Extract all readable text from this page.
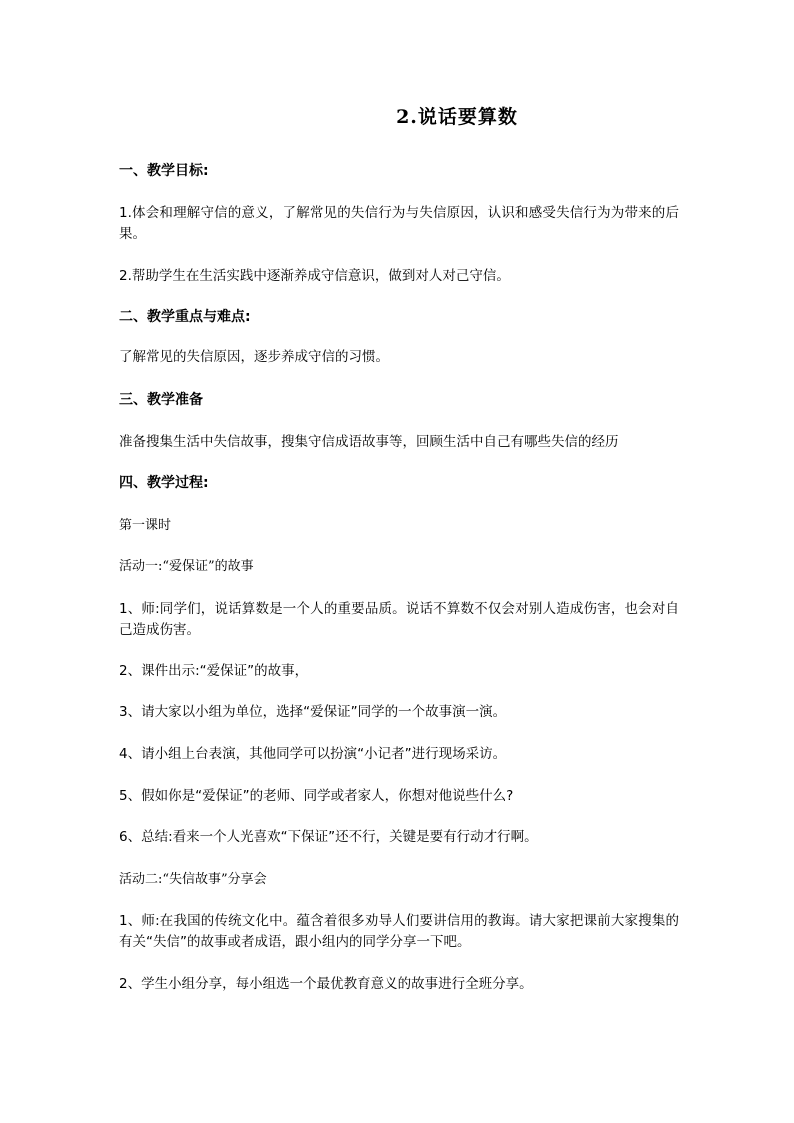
2.说话要算数
一、教学目标:
1.体会和理解守信的意义，了解常见的失信行为与失信原因，认识和感受失信行为为带来的后果。
2.帮助学生在生活实践中逐渐养成守信意识，做到对人对己守信。
二、教学重点与难点:
了解常见的失信原因，逐步养成守信的习惯。
三、教学准备
准备搜集生活中失信故事，搜集守信成语故事等，回顾生活中自己有哪些失信的经历
四、教学过程:
第一课时
活动一:“爱保证”的故事
1、师:同学们，说话算数是一个人的重要品质。说话不算数不仅会对别人造成伤害，也会对自己造成伤害。
2、课件出示:“爱保证”的故事，
3、请大家以小组为单位，选择“爱保证”同学的一个故事演一演。
4、请小组上台表演，其他同学可以扮演“小记者”进行现场采访。
5、假如你是“爱保证”的老师、同学或者家人，你想对他说些什么?
6、总结:看来一个人光喜欢“下保证”还不行，关键是要有行动才行啊。
活动二:“失信故事”分享会
1、师:在我国的传统文化中。蕴含着很多劝导人们要讲信用的教诲。请大家把课前大家搜集的有关“失信”的故事或者成语，跟小组内的同学分享一下吧。
2、学生小组分享，每小组选一个最优教育意义的故事进行全班分享。
